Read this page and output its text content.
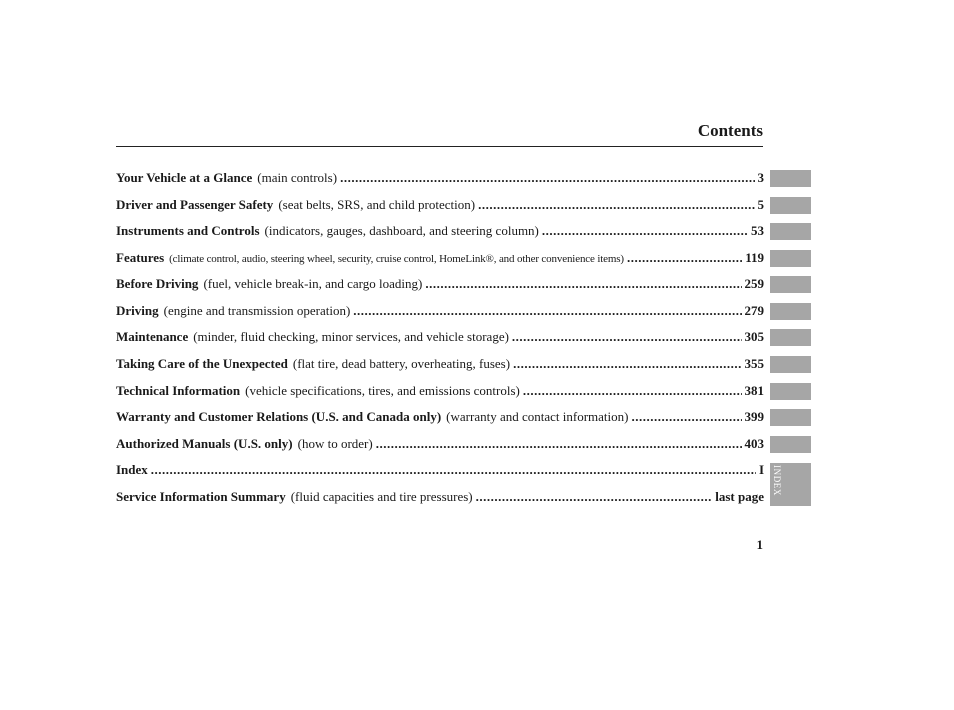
Contents
Your Vehicle at a Glance (main controls) .....	3
Driver and Passenger Safety (seat belts, SRS, and child protection) .....	5
Instruments and Controls (indicators, gauges, dashboard, and steering column) .....	53
Features (climate control, audio, steering wheel, security, cruise control, HomeLink®, and other convenience items) .....	119
Before Driving (fuel, vehicle break-in, and cargo loading) .....	259
Driving (engine and transmission operation) .....	279
Maintenance (minder, fluid checking, minor services, and vehicle storage) .....	305
Taking Care of the Unexpected (flat tire, dead battery, overheating, fuses) .....	355
Technical Information (vehicle specifications, tires, and emissions controls) .....	381
Warranty and Customer Relations (U.S. and Canada only) (warranty and contact information) .....	399
Authorized Manuals (U.S. only) (how to order) .....	403
Index .....	I
Service Information Summary (fluid capacities and tire pressures) .....	last page
INDEX
1
